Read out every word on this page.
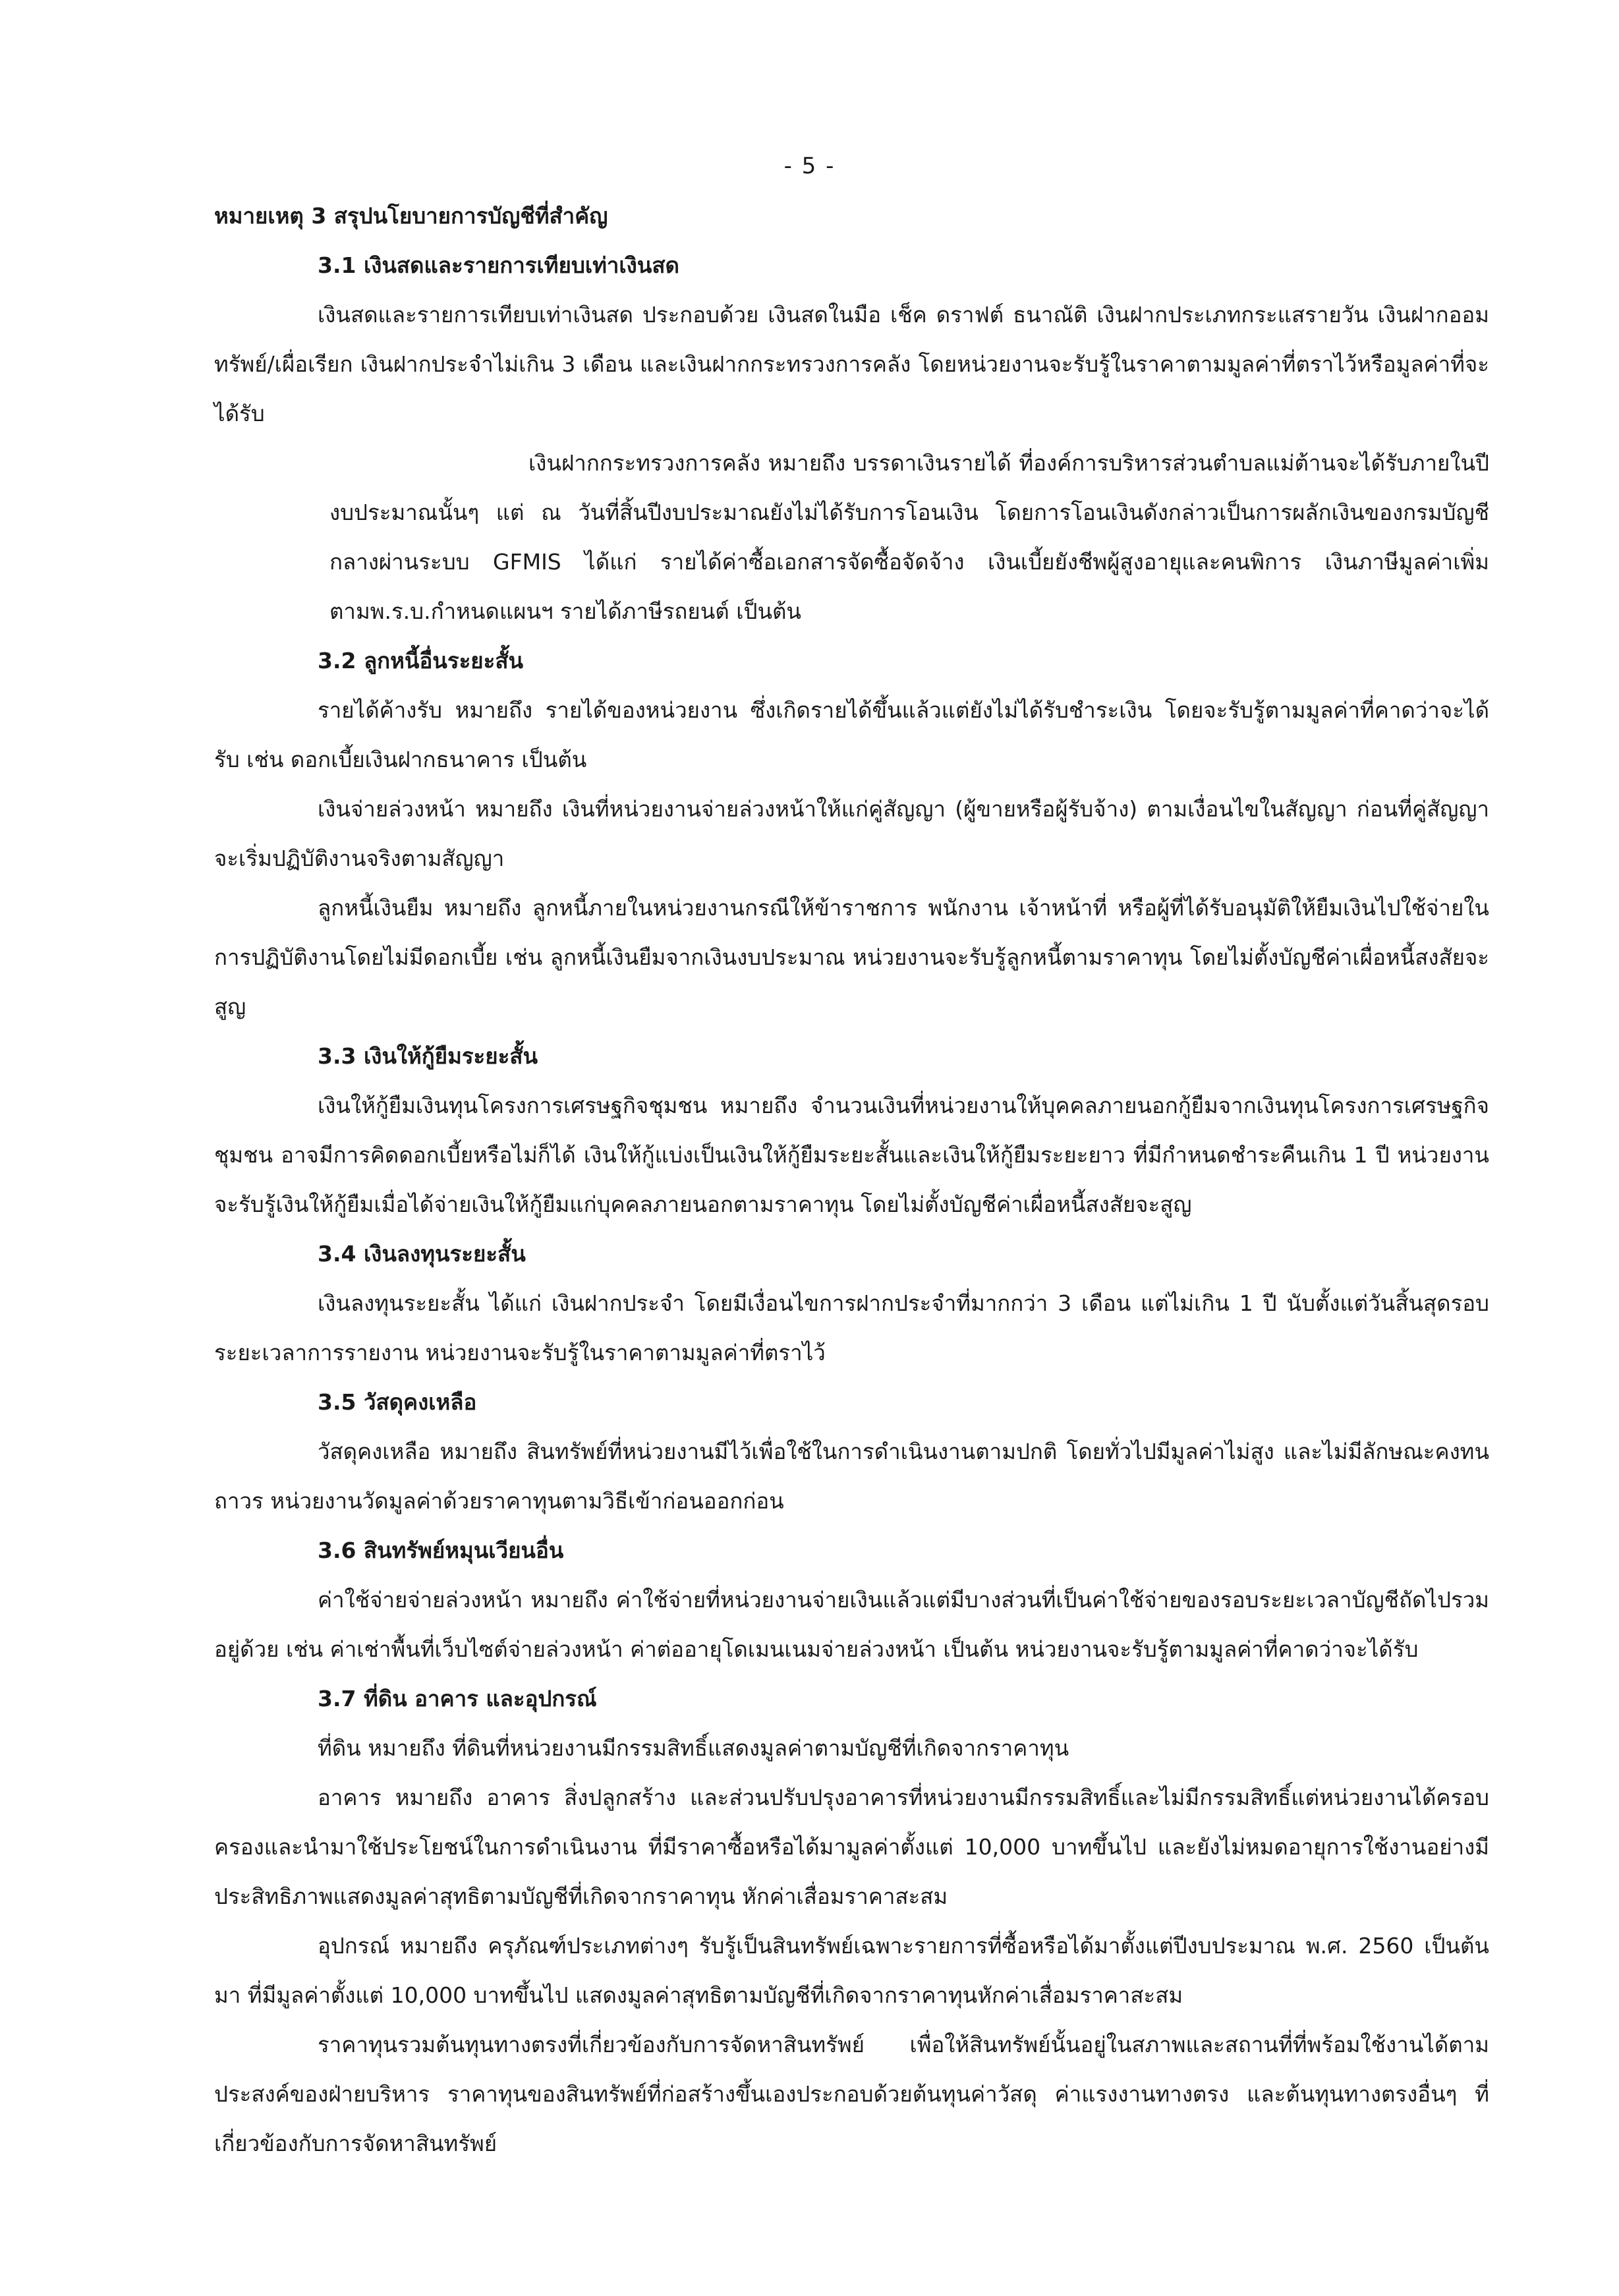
- 5 -

หมายเหตุ 3 สรุปนโยบายการบัญชีที่สำคัญ

3.1 เงินสดและรายการเทียบเท่าเงินสด

เงินสดและรายการเทียบเท่าเงินสด ประกอบด้วย เงินสดในมือ เช็ค ดราฟต์ ธนาณัติ เงินฝากประเภทกระแสรายวัน เงินฝากออมทรัพย์/เผื่อเรียก เงินฝากประจำไม่เกิน 3 เดือน และเงินฝากกระทรวงการคลัง โดยหน่วยงานจะรับรู้ในราคาตามมูลค่าที่ตราไว้หรือมูลค่าที่จะได้รับ

เงินฝากกระทรวงการคลัง หมายถึง บรรดาเงินรายได้ ที่องค์การบริหารส่วนตำบลแม่ต้านจะได้รับภายในปีงบประมาณนั้นๆ แต่ ณ วันที่สิ้นปีงบประมาณยังไม่ได้รับการโอนเงิน โดยการโอนเงินดังกล่าวเป็นการผลักเงินของกรมบัญชีกลางผ่านระบบ GFMIS ได้แก่ รายได้ค่าซื้อเอกสารจัดซื้อจัดจ้าง เงินเบี้ยยังชีพผู้สูงอายุและคนพิการ เงินภาษีมูลค่าเพิ่มตามพ.ร.บ.กำหนดแผนฯ รายได้ภาษีรถยนต์ เป็นต้น

3.2 ลูกหนี้อื่นระยะสั้น

รายได้ค้างรับ หมายถึง รายได้ของหน่วยงาน ซึ่งเกิดรายได้ขึ้นแล้วแต่ยังไม่ได้รับชำระเงิน โดยจะรับรู้ตามมูลค่าที่คาดว่าจะได้รับ เช่น ดอกเบี้ยเงินฝากธนาคาร เป็นต้น

เงินจ่ายล่วงหน้า หมายถึง เงินที่หน่วยงานจ่ายล่วงหน้าให้แก่คู่สัญญา (ผู้ขายหรือผู้รับจ้าง) ตามเงื่อนไขในสัญญา ก่อนที่คู่สัญญาจะเริ่มปฏิบัติงานจริงตามสัญญา

ลูกหนี้เงินยืม หมายถึง ลูกหนี้ภายในหน่วยงานกรณีให้ข้าราชการ พนักงาน เจ้าหน้าที่ หรือผู้ที่ได้รับอนุมัติให้ยืมเงินไปใช้จ่ายในการปฏิบัติงานโดยไม่มีดอกเบี้ย เช่น ลูกหนี้เงินยืมจากเงินงบประมาณ หน่วยงานจะรับรู้ลูกหนี้ตามราคาทุน โดยไม่ตั้งบัญชีค่าเผื่อหนี้สงสัยจะสูญ

3.3 เงินให้กู้ยืมระยะสั้น

เงินให้กู้ยืมเงินทุนโครงการเศรษฐกิจชุมชน หมายถึง จำนวนเงินที่หน่วยงานให้บุคคลภายนอกกู้ยืมจากเงินทุนโครงการเศรษฐกิจชุมชน อาจมีการคิดดอกเบี้ยหรือไม่ก็ได้ เงินให้กู้แบ่งเป็นเงินให้กู้ยืมระยะสั้นและเงินให้กู้ยืมระยะยาว ที่มีกำหนดชำระคืนเกิน 1 ปี หน่วยงานจะรับรู้เงินให้กู้ยืมเมื่อได้จ่ายเงินให้กู้ยืมแก่บุคคลภายนอกตามราคาทุน โดยไม่ตั้งบัญชีค่าเผื่อหนี้สงสัยจะสูญ

3.4 เงินลงทุนระยะสั้น

เงินลงทุนระยะสั้น ได้แก่ เงินฝากประจำ โดยมีเงื่อนไขการฝากประจำที่มากกว่า 3 เดือน แต่ไม่เกิน 1 ปี นับตั้งแต่วันสิ้นสุดรอบระยะเวลาการรายงาน หน่วยงานจะรับรู้ในราคาตามมูลค่าที่ตราไว้

3.5 วัสดุคงเหลือ

วัสดุคงเหลือ หมายถึง สินทรัพย์ที่หน่วยงานมีไว้เพื่อใช้ในการดำเนินงานตามปกติ โดยทั่วไปมีมูลค่าไม่สูง และไม่มีลักษณะคงทนถาวร หน่วยงานวัดมูลค่าด้วยราคาทุนตามวิธีเข้าก่อนออกก่อน

3.6 สินทรัพย์หมุนเวียนอื่น

ค่าใช้จ่ายจ่ายล่วงหน้า หมายถึง ค่าใช้จ่ายที่หน่วยงานจ่ายเงินแล้วแต่มีบางส่วนที่เป็นค่าใช้จ่ายของรอบระยะเวลาบัญชีถัดไปรวมอยู่ด้วย เช่น ค่าเช่าพื้นที่เว็บไซต์จ่ายล่วงหน้า ค่าต่ออายุโดเมนเนมจ่ายล่วงหน้า เป็นต้น หน่วยงานจะรับรู้ตามมูลค่าที่คาดว่าจะได้รับ

3.7 ที่ดิน อาคาร และอุปกรณ์

ที่ดิน หมายถึง ที่ดินที่หน่วยงานมีกรรมสิทธิ์แสดงมูลค่าตามบัญชีที่เกิดจากราคาทุน

อาคาร หมายถึง อาคาร สิ่งปลูกสร้าง และส่วนปรับปรุงอาคารที่หน่วยงานมีกรรมสิทธิ์และไม่มีกรรมสิทธิ์แต่หน่วยงานได้ครอบครองและนำมาใช้ประโยชน์ในการดำเนินงาน ที่มีราคาซื้อหรือได้มามูลค่าตั้งแต่ 10,000 บาทขึ้นไป และยังไม่หมดอายุการใช้งานอย่างมีประสิทธิภาพแสดงมูลค่าสุทธิตามบัญชีที่เกิดจากราคาทุน หักค่าเสื่อมราคาสะสม

อุปกรณ์ หมายถึง ครุภัณฑ์ประเภทต่างๆ รับรู้เป็นสินทรัพย์เฉพาะรายการที่ซื้อหรือได้มาตั้งแต่ปีงบประมาณ พ.ศ. 2560 เป็นต้นมา ที่มีมูลค่าตั้งแต่ 10,000 บาทขึ้นไป แสดงมูลค่าสุทธิตามบัญชีที่เกิดจากราคาทุนหักค่าเสื่อมราคาสะสม

ราคาทุนรวมต้นทุนทางตรงที่เกี่ยวข้องกับการจัดหาสินทรัพย์ เพื่อให้สินทรัพย์นั้นอยู่ในสภาพและสถานที่ที่พร้อมใช้งานได้ตามประสงค์ของฝ่ายบริหาร ราคาทุนของสินทรัพย์ที่ก่อสร้างขึ้นเองประกอบด้วยต้นทุนค่าวัสดุ ค่าแรงงานทางตรง และต้นทุนทางตรงอื่นๆ ที่เกี่ยวข้องกับการจัดหาสินทรัพย์
